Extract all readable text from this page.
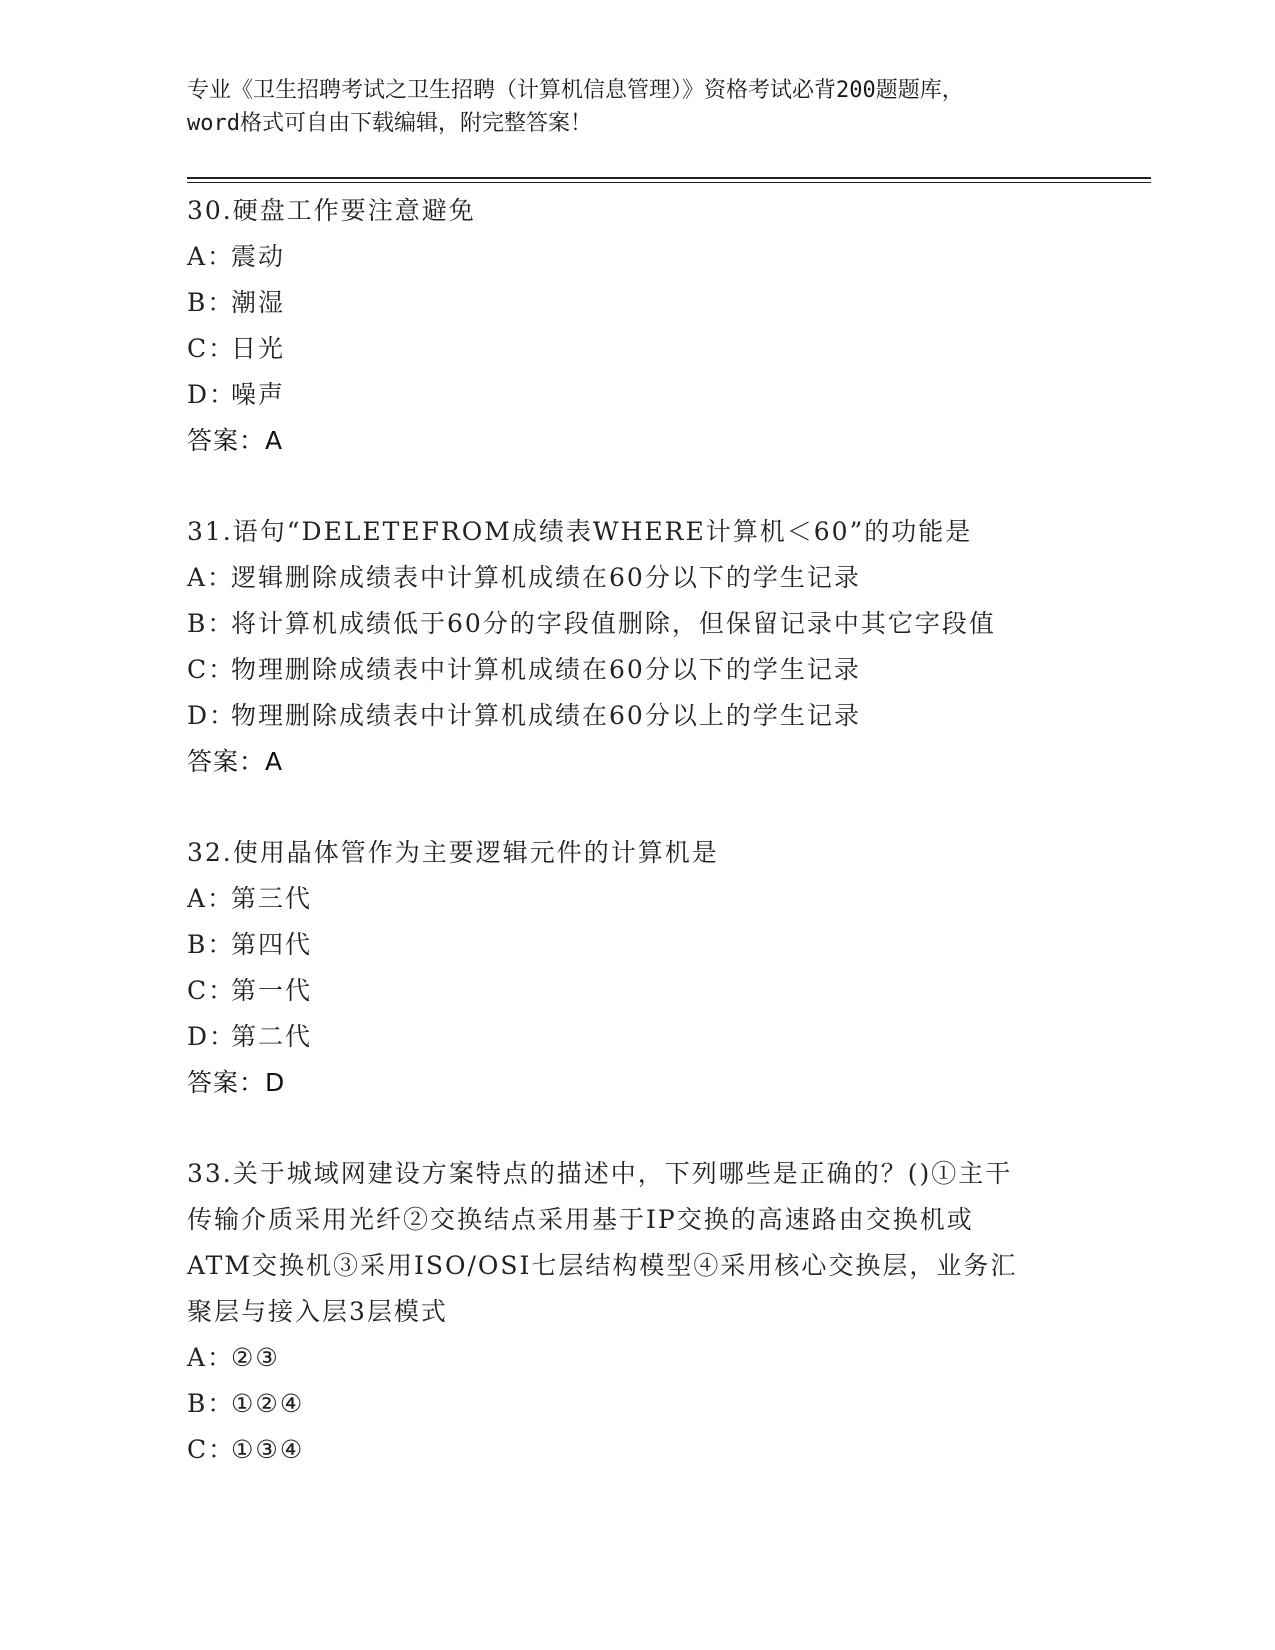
专业《卫生招聘考试之卫生招聘（计算机信息管理）》资格考试必背200题题库，
word格式可自由下载编辑，附完整答案！
30.硬盘工作要注意避免
A：震动
B：潮湿
C：日光
D：噪声
答案：A
31.语句“DELETEFROM成绩表WHERE计算机＜60”的功能是
A：逻辑删除成绩表中计算机成绩在60分以下的学生记录
B：将计算机成绩低于60分的字段值删除，但保留记录中其它字段值
C：物理删除成绩表中计算机成绩在60分以下的学生记录
D：物理删除成绩表中计算机成绩在60分以上的学生记录
答案：A
32.使用晶体管作为主要逻辑元件的计算机是
A：第三代
B：第四代
C：第一代
D：第二代
答案：D
33.关于城域网建设方案特点的描述中，下列哪些是正确的？()①主干
传输介质采用光纤②交换结点采用基于IP交换的高速路由交换机或
ATM交换机③采用ISO/OSI七层结构模型④采用核心交换层，业务汇
聚层与接入层3层模式
A：②③
B：①②④
C：①③④
